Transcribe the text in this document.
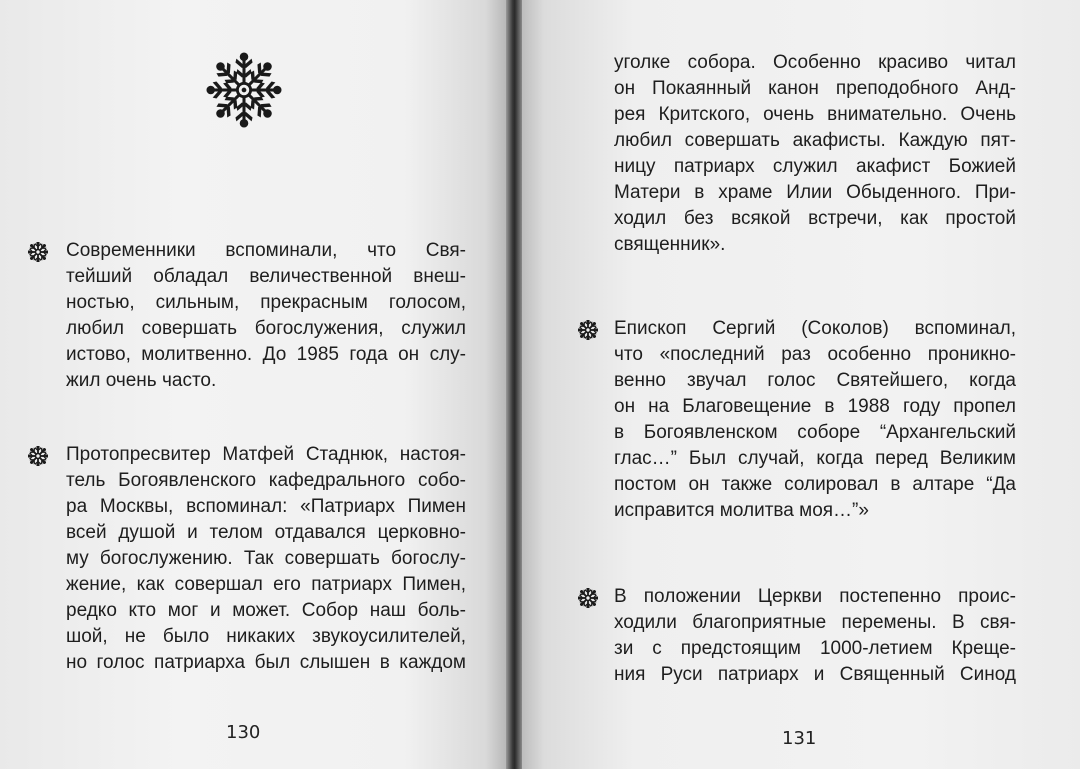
Современники вспоминали, что Свя-
тейший обладал величественной внеш-
ностью, сильным, прекрасным голосом,
любил совершать богослужения, служил
истово, молитвенно. До 1985 года он слу-
жил очень часто.
Протопресвитер Матфей Стаднюк, настоя-
тель Богоявленского кафедрального собо-
ра Москвы, вспоминал: «Патриарх Пимен
всей душой и телом отдавался церковно-
му богослужению. Так совершать богослу-
жение, как совершал его патриарх Пимен,
редко кто мог и может. Собор наш боль-
шой, не было никаких звукоусилителей,
но голос патриарха был слышен в каждом
130
уголке собора. Особенно красиво читал
он Покаянный канон преподобного Анд-
рея Критского, очень внимательно. Очень
любил совершать акафисты. Каждую пят-
ницу патриарх служил акафист Божией
Матери в храме Илии Обыденного. При-
ходил без всякой встречи, как простой
священник».
Епископ Сергий (Соколов) вспоминал,
что «последний раз особенно проникно-
венно звучал голос Святейшего, когда
он на Благовещение в 1988 году пропел
в Богоявленском соборе “Архангельский
глас…” Был случай, когда перед Великим
постом он также солировал в алтаре “Да
исправится молитва моя…”»
В положении Церкви постепенно проис-
ходили благоприятные перемены. В свя-
зи с предстоящим 1000-летием Креще-
ния Руси патриарх и Священный Синод
131
